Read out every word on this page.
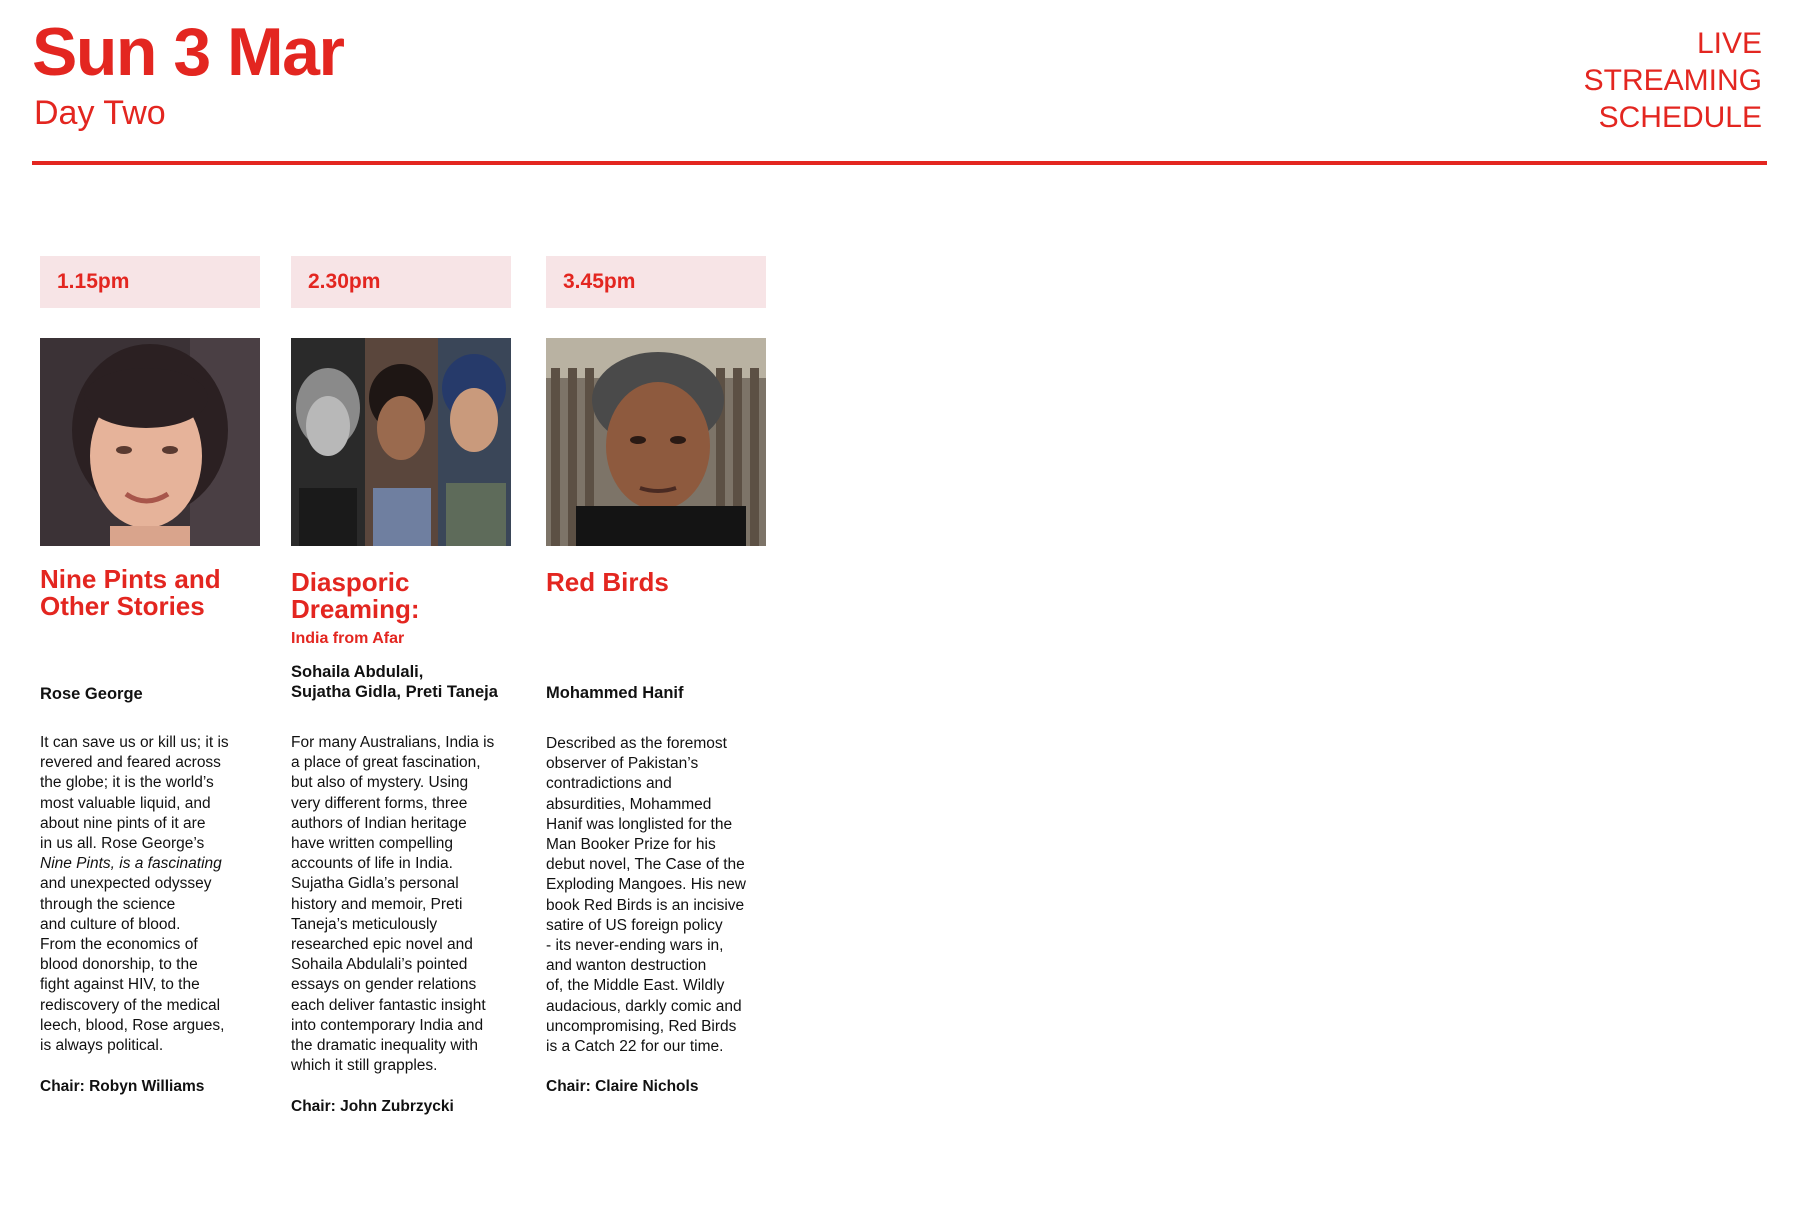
Sun 3 Mar
Day Two
LIVE
STREAMING
SCHEDULE
1.15pm
Nine Pints and
Other Stories
Rose George
It can save us or kill us; it is
revered and feared across
the globe; it is the world’s
most valuable liquid, and
about nine pints of it are
in us all. Rose George’s
Nine Pints, is a fascinating
and unexpected odyssey
through the science
and culture of blood.
From the economics of
blood donorship, to the
fight against HIV, to the
rediscovery of the medical
leech, blood, Rose argues,
is always political.
Chair: Robyn Williams
2.30pm
Diasporic
Dreaming:
India from Afar
Sohaila Abdulali,
Sujatha Gidla, Preti Taneja
For many Australians, India is
a place of great fascination,
but also of mystery. Using
very different forms, three
authors of Indian heritage
have written compelling
accounts of life in India.
Sujatha Gidla’s personal
history and memoir, Preti
Taneja’s meticulously
researched epic novel and
Sohaila Abdulali’s pointed
essays on gender relations
each deliver fantastic insight
into contemporary India and
the dramatic inequality with
which it still grapples.
Chair: John Zubrzycki
3.45pm
Red Birds
Mohammed Hanif
Described as the foremost
observer of Pakistan’s
contradictions and
absurdities, Mohammed
Hanif was longlisted for the
Man Booker Prize for his
debut novel, The Case of the
Exploding Mangoes. His new
book Red Birds is an incisive
satire of US foreign policy
- its never-ending wars in,
and wanton destruction
of, the Middle East. Wildly
audacious, darkly comic and
uncompromising, Red Birds
is a Catch 22 for our time.
Chair: Claire Nichols
